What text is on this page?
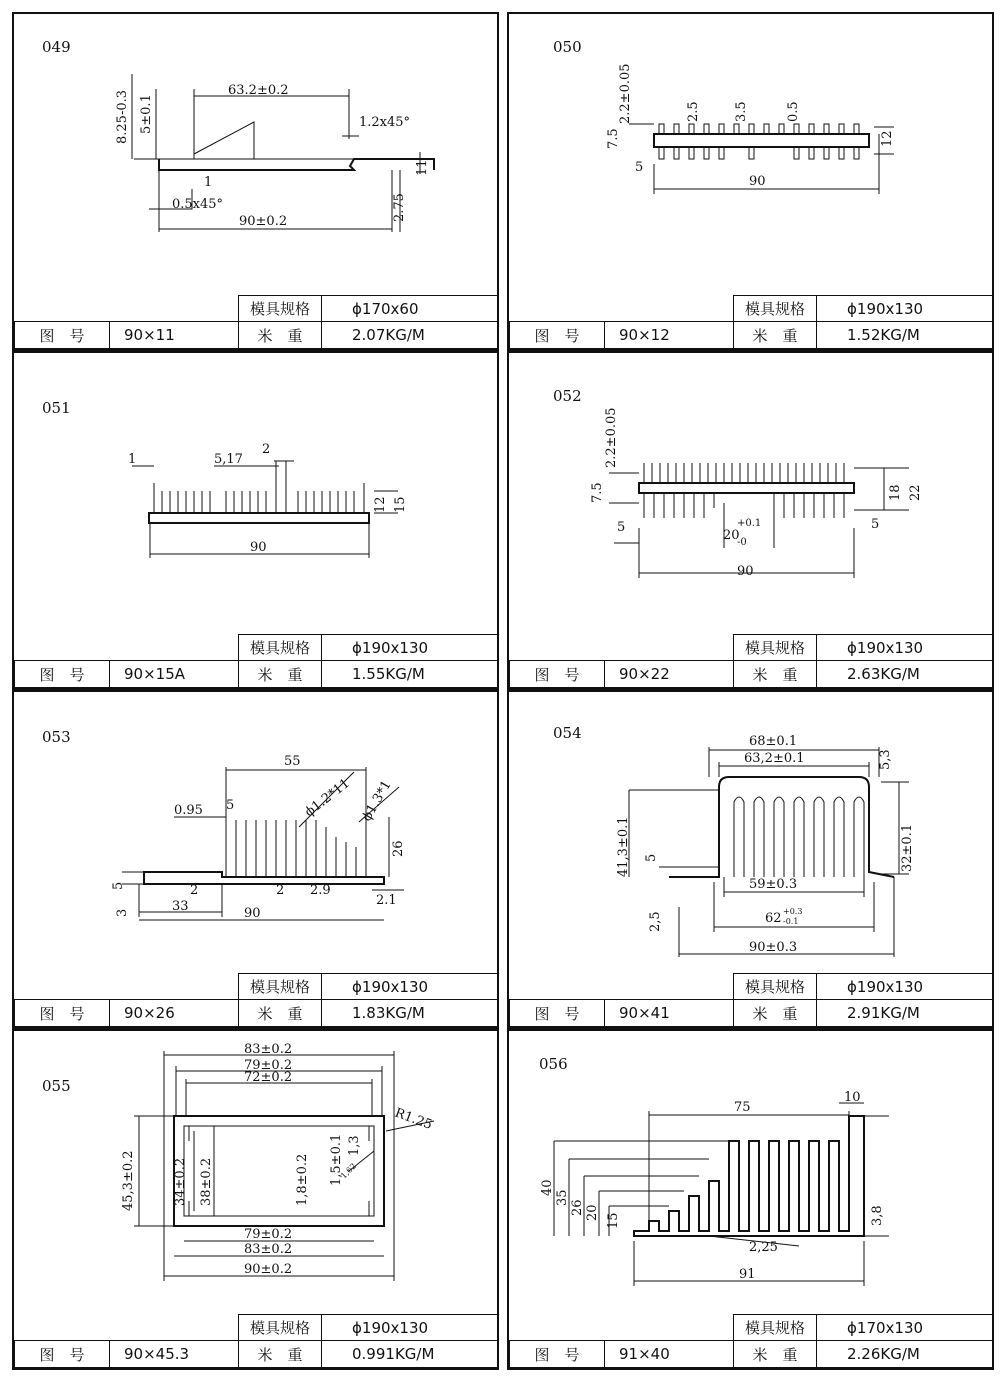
049
63.2±0.2
1.2x45°
8.25-0.3 5±0.1
11
2.75
0.5x45°
1
90±0.2
模具规格	ϕ170x60
图　号	90×11	米　重	2.07KG/M
050
2.2±0.05	2.5	3.5	0.5
7.5
5
12
90
模具规格	ϕ190x130
图　号	90×12	米　重	1.52KG/M
051
1	5,17
2
12 15
90
模具规格	ϕ190x130
图　号	90×15A	米　重	1.55KG/M
052
2.2±0.05
7.5
5
20
+0.1
-0
18 22
5
90
模具规格	ϕ190x130
图　号	90×22	米　重	2.63KG/M
053
55
0.95 5	ϕ1.2*11 ϕ1.3*1
26
5	2	2 2.9
3	33	90
2.1
模具规格	ϕ190x130
图　号	90×26	米　重	1.83KG/M
054	68±0.1
63,2±0.1	5,3
41,3±0.1 5	32±0.1
59±0.3
2,5	62 +0.3
-0.1
90±0.3
模具规格	ϕ190x130
图　号	90×41	米　重	2.91KG/M
055
83±0.2
79±0.2
72±0.2
R1.25
45,3±0.2	34±0.2 38±0.2	1,8±0.2 1,5±0.1 1,3
1,62
79±0.2
83±0.2
90±0.2
模具规格	ϕ190x130
图　号	90×45.3	米　重	0.991KG/M
056
75
10
40
35
26 20 15	3,8
2,25
91
模具规格	ϕ170x130
图　号	91×40	米　重	2.26KG/M
